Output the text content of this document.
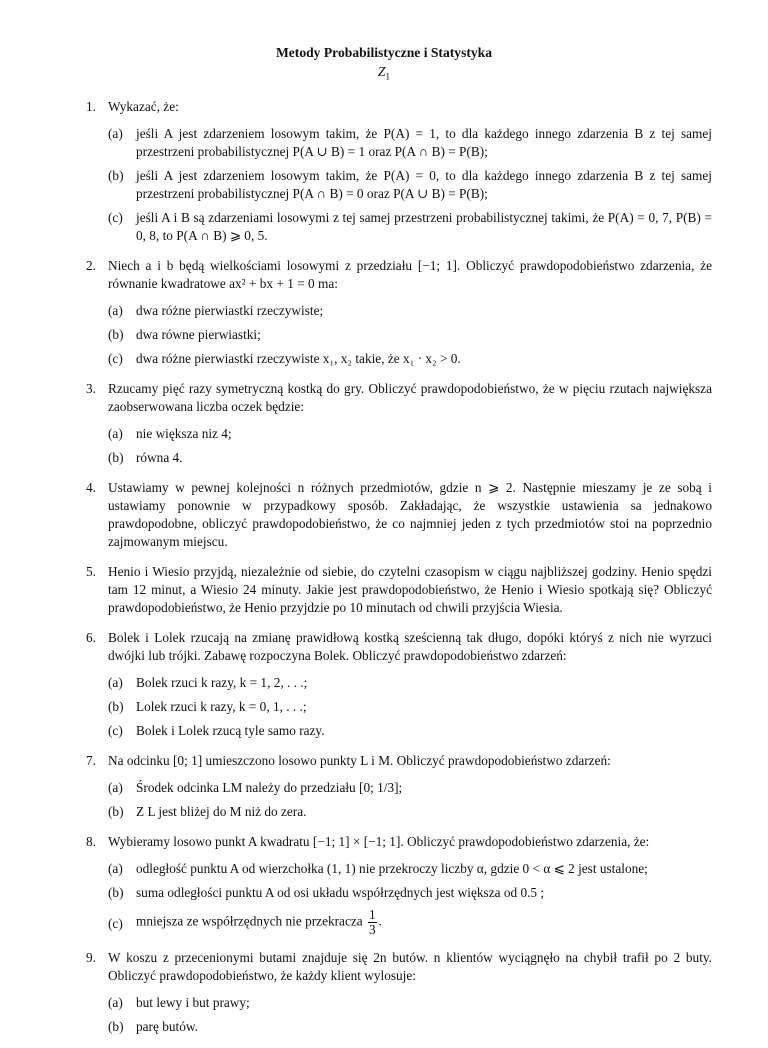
Metody Probabilistyczne i Statystyka
$Z_1$
1. Wykazać, że:
(a) jeśli A jest zdarzeniem losowym takim, że P(A) = 1, to dla każdego innego zdarzenia B z tej samej przestrzeni probabilistycznej P(A ∪ B) = 1 oraz P(A ∩ B) = P(B);
(b) jeśli A jest zdarzeniem losowym takim, że P(A) = 0, to dla każdego innego zdarzenia B z tej samej przestrzeni probabilistycznej P(A ∩ B) = 0 oraz P(A ∪ B) = P(B);
(c) jeśli A i B są zdarzeniami losowymi z tej samej przestrzeni probabilistycznej takimi, że P(A) = 0, 7, P(B) = 0, 8, to P(A ∩ B) ⩾ 0, 5.
2. Niech a i b będą wielkościami losowymi z przedziału [−1; 1]. Obliczyć prawdopodobieństwo zdarzenia, że równanie kwadratowe ax² + bx + 1 = 0 ma:
(a) dwa różne pierwiastki rzeczywiste;
(b) dwa równe pierwiastki;
(c) dwa różne pierwiastki rzeczywiste x₁, x₂ takie, że x₁ · x₂ > 0.
3. Rzucamy pięć razy symetryczną kostką do gry. Obliczyć prawdopodobieństwo, że w pięciu rzutach największa zaobserwowana liczba oczek będzie:
(a) nie większa niz 4;
(b) równa 4.
4. Ustawiamy w pewnej kolejności n różnych przedmiotów, gdzie n ⩾ 2. Następnie mieszamy je ze sobą i ustawiamy ponownie w przypadkowy sposób. Zakładając, że wszystkie ustawienia sa jednakowo prawdopodobne, obliczyć prawdopodobieństwo, że co najmniej jeden z tych przedmiotów stoi na poprzednio zajmowanym miejscu.
5. Henio i Wiesio przyjdą, niezależnie od siebie, do czytelni czasopism w ciągu najbliższej godziny. Henio spędzi tam 12 minut, a Wiesio 24 minuty. Jakie jest prawdopodobieństwo, że Henio i Wiesio spotkają się? Obliczyć prawdopodobieństwo, że Henio przyjdzie po 10 minutach od chwili przyjścia Wiesia.
6. Bolek i Lolek rzucają na zmianę prawidłową kostką sześcienną tak długo, dopóki któryś z nich nie wyrzuci dwójki lub trójki. Zabawę rozpoczyna Bolek. Obliczyć prawdopodobieństwo zdarzeń:
(a) Bolek rzuci k razy, k = 1, 2, . . .;
(b) Lolek rzuci k razy, k = 0, 1, . . .;
(c) Bolek i Lolek rzucą tyle samo razy.
7. Na odcinku [0; 1] umieszczono losowo punkty L i M. Obliczyć prawdopodobieństwo zdarzeń:
(a) Środek odcinka LM należy do przedziału [0; 1/3];
(b) Z L jest bliżej do M niż do zera.
8. Wybieramy losowo punkt A kwadratu [−1; 1] × [−1; 1]. Obliczyć prawdopodobieństwo zdarzenia, że:
(a) odległość punktu A od wierzchołka (1, 1) nie przekroczy liczby α, gdzie 0 < α ⩽ 2 jest ustalone;
(b) suma odległości punktu A od osi układu współrzędnych jest większa od 0.5 ;
(c) mniejsza ze współrzędnych nie przekracza $\frac{1}{3}$ .
9. W koszu z przecenionymi butami znajduje się 2n butów. n klientów wyciągnęło na chybił trafił po 2 buty. Obliczyć prawdopodobieństwo, że każdy klient wylosuje:
(a) but lewy i but prawy;
(b) parę butów.
